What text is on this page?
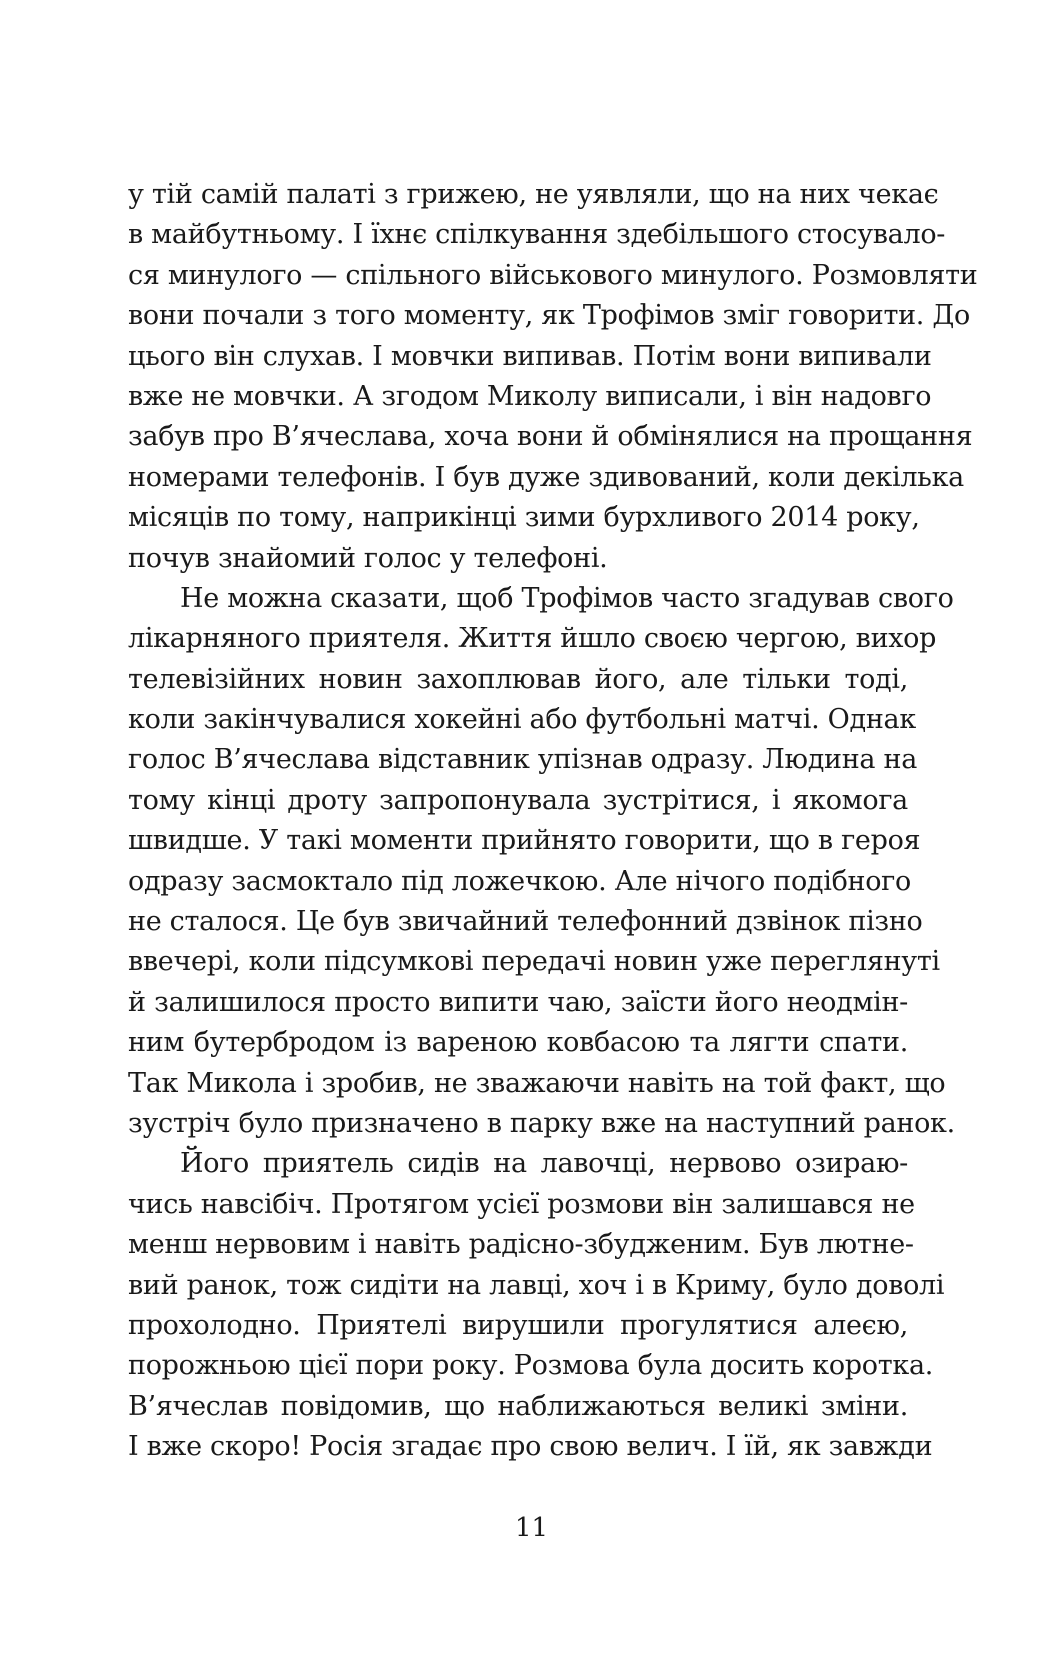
у тій самій палаті з грижею, не уявляли, що на них чекає
в майбутньому. І їхнє спілкування здебільшого стосувало-
ся минулого — спільного військового минулого. Розмовляти
вони почали з того моменту, як Трофімов зміг говорити. До
цього він слухав. І мовчки випивав. Потім вони випивали
вже не мовчки. А згодом Миколу виписали, і він надовго
забув про В’ячеслава, хоча вони й обмінялися на прощання
номерами телефонів. І був дуже здивований, коли декілька
місяців по тому, наприкінці зими бурхливого 2014 року,
почув знайомий голос у телефоні.
Не можна сказати, щоб Трофімов часто згадував свого
лікарняного приятеля. Життя йшло своєю чергою, вихор
телевізійних новин захоплював його, але тільки тоді,
коли закінчувалися хокейні або футбольні матчі. Однак
голос В’ячеслава відставник упізнав одразу. Людина на
тому кінці дроту запропонувала зустрітися, і якомога
швидше. У такі моменти прийнято говорити, що в героя
одразу засмоктало під ложечкою. Але нічого подібного
не сталося. Це був звичайний телефонний дзвінок пізно
ввечері, коли підсумкові передачі новин уже переглянуті
й залишилося просто випити чаю, заїсти його неодмін-
ним бутербродом із вареною ковбасою та лягти спати.
Так Микола і зробив, не зважаючи навіть на той факт, що
зустріч було призначено в парку вже на наступний ранок.
Його приятель сидів на лавочці, нервово озираю-
чись навсібіч. Протягом усієї розмови він залишався не
менш нервовим і навіть радісно-збудженим. Був лютне-
вий ранок, тож сидіти на лавці, хоч і в Криму, було доволі
прохолодно. Приятелі вирушили прогулятися алеєю,
порожньою цієї пори року. Розмова була досить коротка.
В’ячеслав повідомив, що наближаються великі зміни.
І вже скоро! Росія згадає про свою велич. І їй, як завжди
11
